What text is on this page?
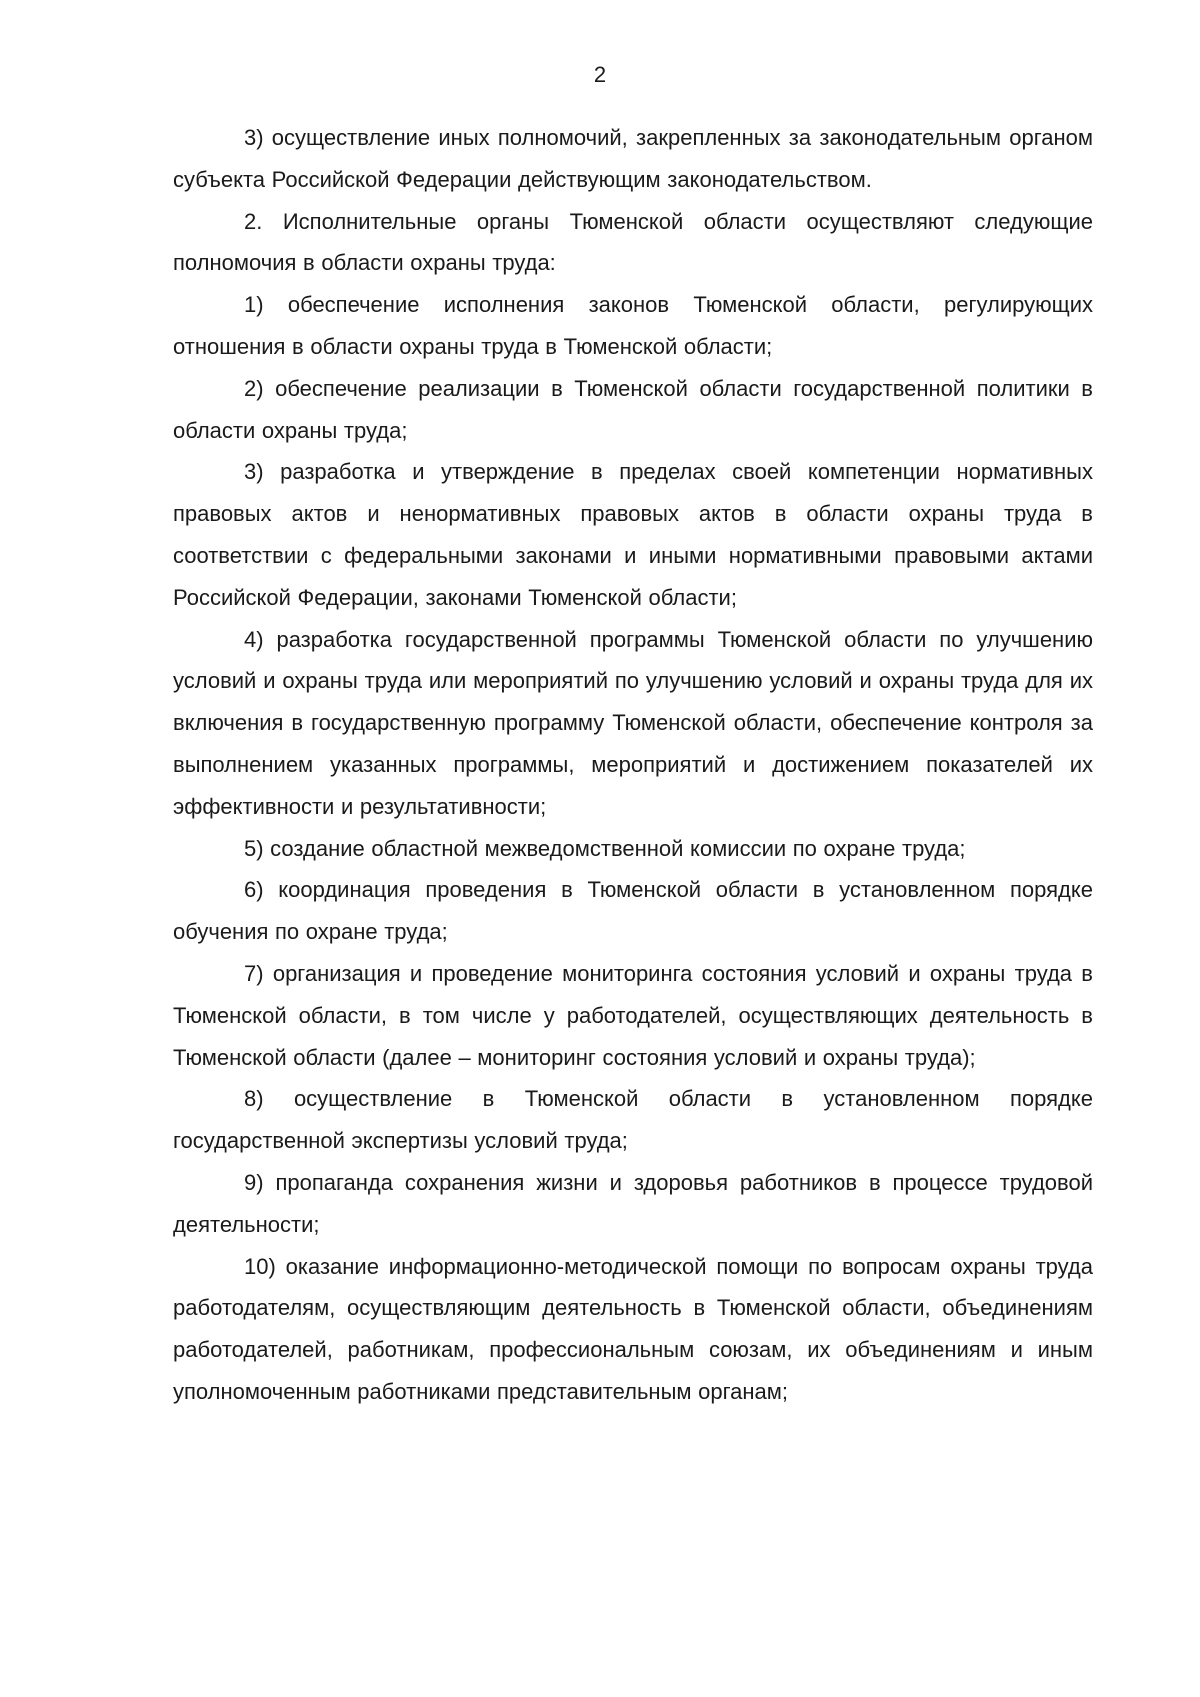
2

3) осуществление иных полномочий, закрепленных за законодательным органом субъекта Российской Федерации действующим законодательством.

2. Исполнительные органы Тюменской области осуществляют следующие полномочия в области охраны труда:

1) обеспечение исполнения законов Тюменской области, регулирующих отношения в области охраны труда в Тюменской области;

2) обеспечение реализации в Тюменской области государственной политики в области охраны труда;

3) разработка и утверждение в пределах своей компетенции нормативных правовых актов и ненормативных правовых актов в области охраны труда в соответствии с федеральными законами и иными нормативными правовыми актами Российской Федерации, законами Тюменской области;

4) разработка государственной программы Тюменской области по улучшению условий и охраны труда или мероприятий по улучшению условий и охраны труда для их включения в государственную программу Тюменской области, обеспечение контроля за выполнением указанных программы, мероприятий и достижением показателей их эффективности и результативности;

5) создание областной межведомственной комиссии по охране труда;

6) координация проведения в Тюменской области в установленном порядке обучения по охране труда;

7) организация и проведение мониторинга состояния условий и охраны труда в Тюменской области, в том числе у работодателей, осуществляющих деятельность в Тюменской области (далее – мониторинг состояния условий и охраны труда);

8) осуществление в Тюменской области в установленном порядке государственной экспертизы условий труда;

9) пропаганда сохранения жизни и здоровья работников в процессе трудовой деятельности;

10) оказание информационно-методической помощи по вопросам охраны труда работодателям, осуществляющим деятельность в Тюменской области, объединениям работодателей, работникам, профессиональным союзам, их объединениям и иным уполномоченным работниками представительным органам;
